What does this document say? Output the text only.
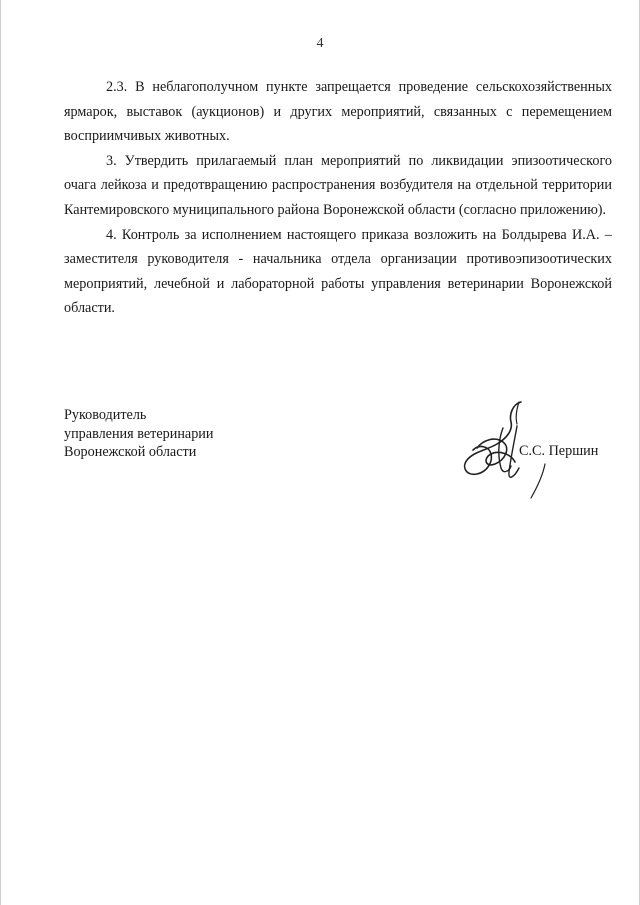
4

2.3. В неблагополучном пункте запрещается проведение сельскохозяйственных ярмарок, выставок (аукционов) и других мероприятий, связанных с перемещением восприимчивых животных.

3. Утвердить прилагаемый план мероприятий по ликвидации эпизоотического очага лейкоза и предотвращению распространения возбудителя на отдельной территории Кантемировского муниципального района Воронежской области (согласно приложению).

4. Контроль за исполнением настоящего приказа возложить на Болдырева И.А. – заместителя руководителя - начальника отдела организации противоэпизоотических мероприятий, лечебной и лабораторной работы управления ветеринарии Воронежской области.

Руководитель
управления ветеринарии
Воронежской области	С.С. Першин
